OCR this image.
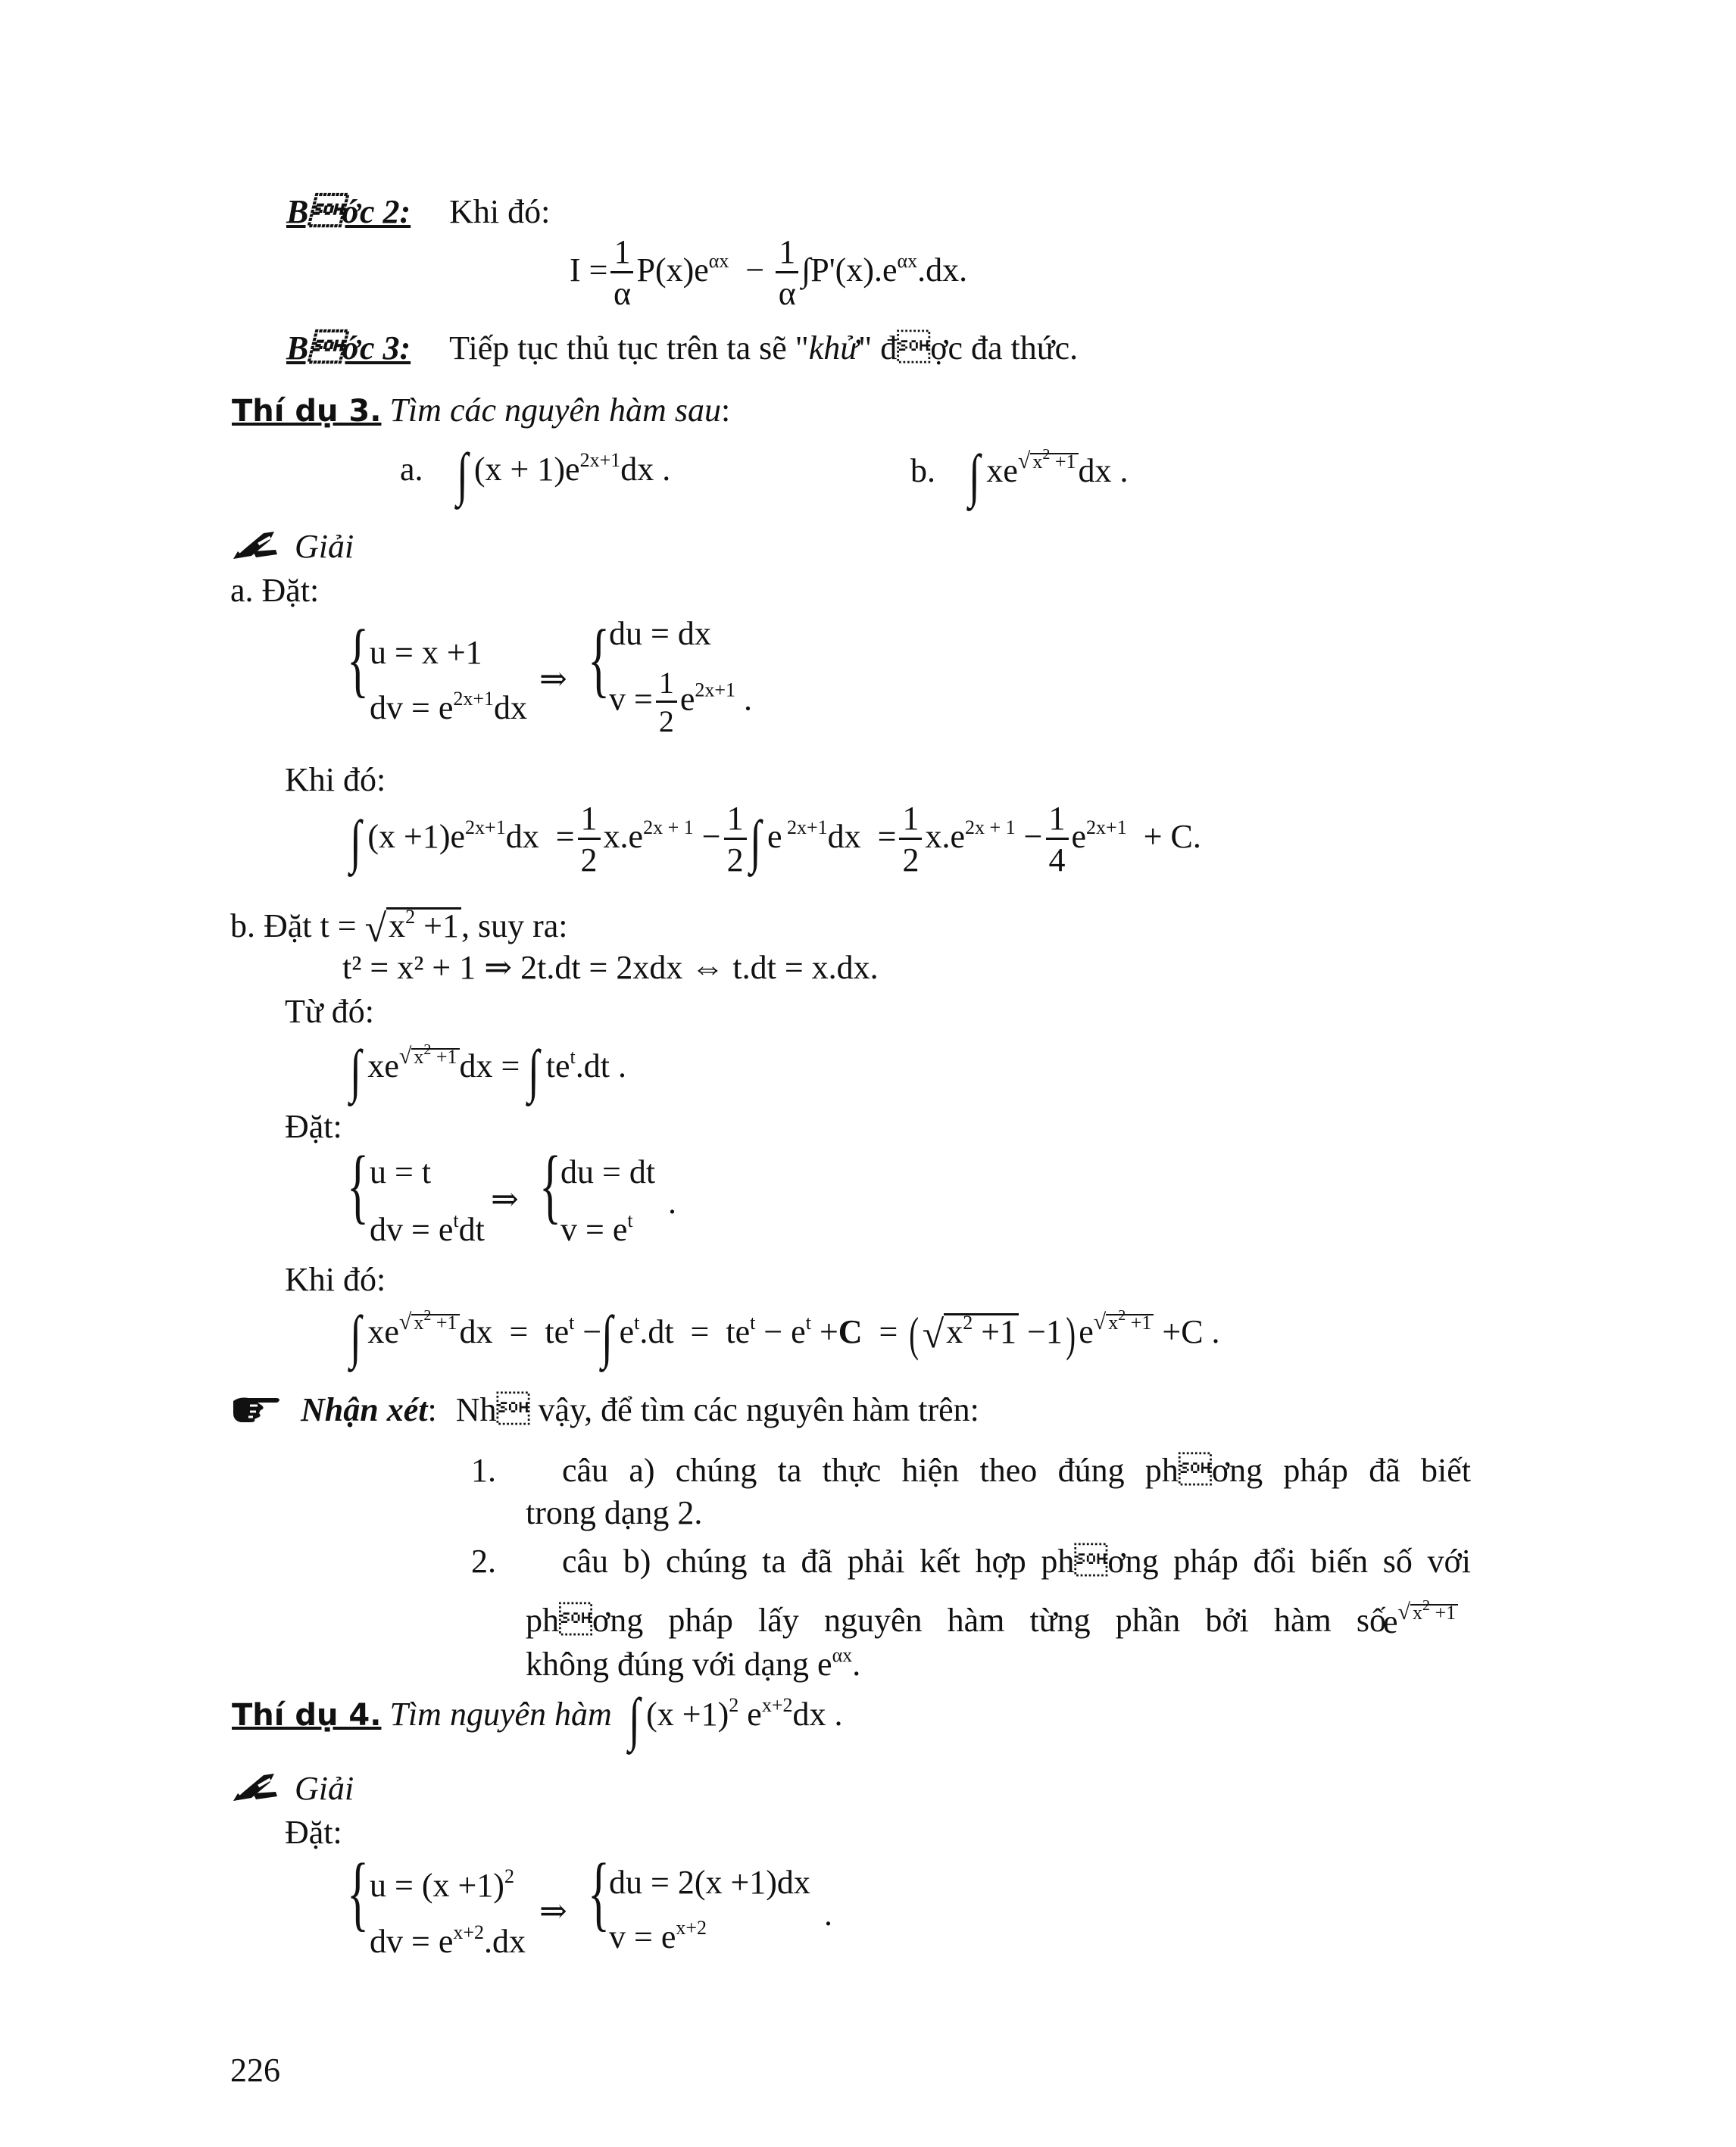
Bớc 2: Khi đó:
$I = \frac{1}{\alpha} P(x)e^{\alpha x} - \frac{1}{\alpha} \int P'(x).e^{\alpha x}.dx$.
Bớc 3: Tiếp tục thủ tục trên ta sẽ "khử" đợc đa thức.
Thí dụ 3. Tìm các nguyên hàm sau:
a. ∫ $(x + 1)e^{2x+1}dx$ .	b. ∫ $xe^{√ x^2 +1}dx$ .
Giải
a. Đặt:
{ u = x +1
dv = $e^{2x+1}dx$
⇒ {
du = dx
$v = \frac{1}{2} e^{2x+1}$ .
Khi đó:
∫ $(x +1)e^{2x+1}dx = \frac{1}{2} x.e^{2x + 1} - \frac{1}{2}$ ∫ e $^{2x+1}dx = \frac{1}{2} x.e^{2x + 1} - \frac{1}{4} e^{2x+1} + C$.
b. Đặt $t = √x^2 +1$, suy ra:
t² = x² + 1 ⇒ 2t.dt = 2xdx ⇔ t.dt = x.dx.
Từ đó:
∫ $xe^{√ x^2 +1}dx$ = ∫ $te^t.dt$ .
Đặt:
{ u = t
dv = $e^tdt$
⇒ {
du = dt
$v = e^t$ .
Khi đó:
∫ $xe^{√ x^2 +1}dx = te^t$ −∫ $e^t.dt = te^t - e^t +C = (√x^2 +1 -1)e^{√ x^2 +1} +C$ .
Nhận xét: Nh vậy, để tìm các nguyên hàm trên:
1. câu a) chúng ta thực hiện theo đúng phơng pháp đã biết
trong dạng 2.
2. câu b) chúng ta đã phải kết hợp phơng pháp đổi biến số với
phơng pháp lấy nguyên hàm từng phần bởi hàm số
$e^{√ x^2 +1}$
không đúng với dạng $e^{\alpha x}$.
Thí dụ 4. Tìm nguyên hàm ∫ $(x +1)^2$ $e^{x+2}dx$ .
Giải
Đặt:
{ $u = (x +1)^2$
dv = $e^{x+2}.dx$
⇒ {
du = 2(x +1)dx
$v = e^{x+2}$	.
226
